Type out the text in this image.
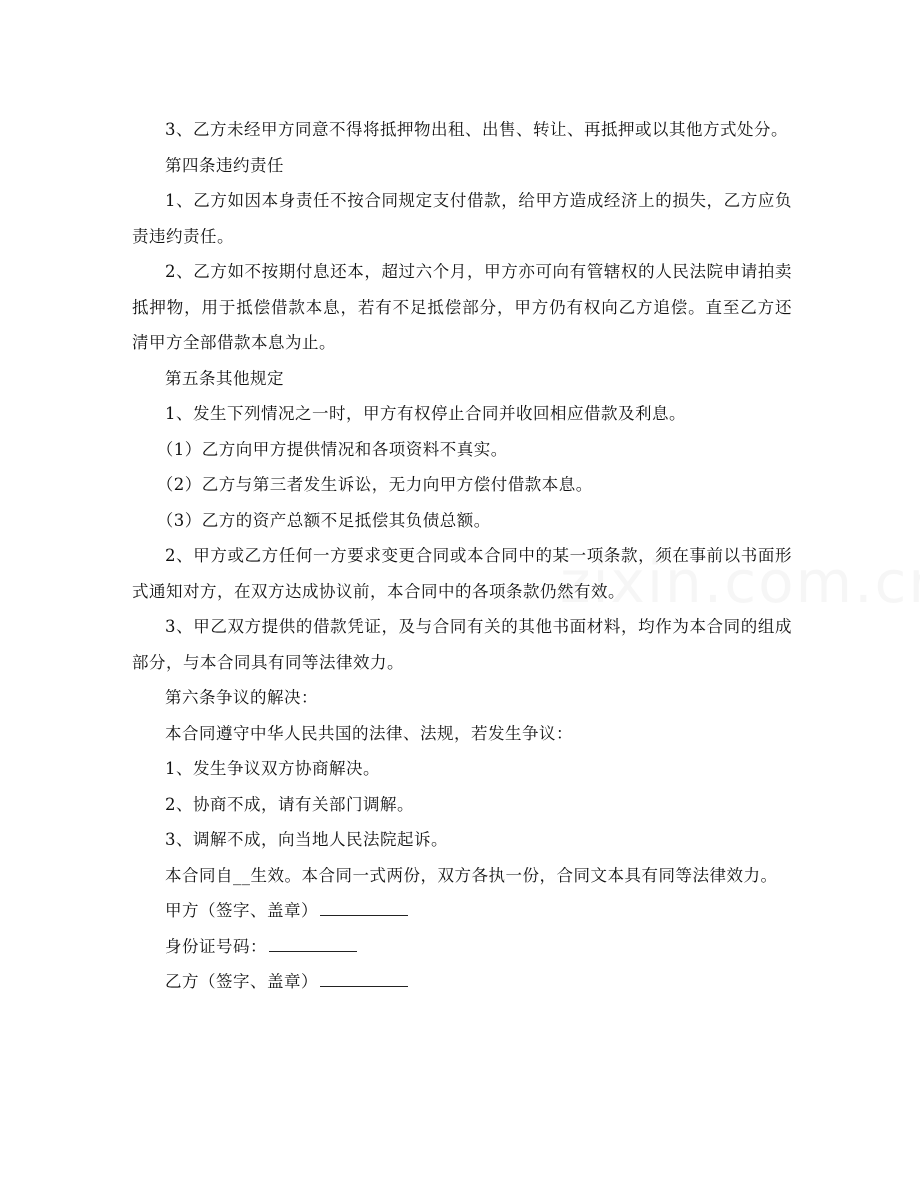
3、乙方未经甲方同意不得将抵押物出租、出售、转让、再抵押或以其他方式处分。

第四条违约责任

1、乙方如因本身责任不按合同规定支付借款，给甲方造成经济上的损失，乙方应负责违约责任。

2、乙方如不按期付息还本，超过六个月，甲方亦可向有管辖权的人民法院申请拍卖抵押物，用于抵偿借款本息，若有不足抵偿部分，甲方仍有权向乙方追偿。直至乙方还清甲方全部借款本息为止。

第五条其他规定

1、发生下列情况之一时，甲方有权停止合同并收回相应借款及利息。

（1）乙方向甲方提供情况和各项资料不真实。

（2）乙方与第三者发生诉讼，无力向甲方偿付借款本息。

（3）乙方的资产总额不足抵偿其负债总额。

2、甲方或乙方任何一方要求变更合同或本合同中的某一项条款，须在事前以书面形式通知对方，在双方达成协议前，本合同中的各项条款仍然有效。

3、甲乙双方提供的借款凭证，及与合同有关的其他书面材料，均作为本合同的组成部分，与本合同具有同等法律效力。

第六条争议的解决：

本合同遵守中华人民共国的法律、法规，若发生争议：

1、发生争议双方协商解决。

2、协商不成，请有关部门调解。

3、调解不成，向当地人民法院起诉。

本合同自__生效。本合同一式两份，双方各执一份，合同文本具有同等法律效力。

甲方（签字、盖章）

身份证号码：

乙方（签字、盖章）
